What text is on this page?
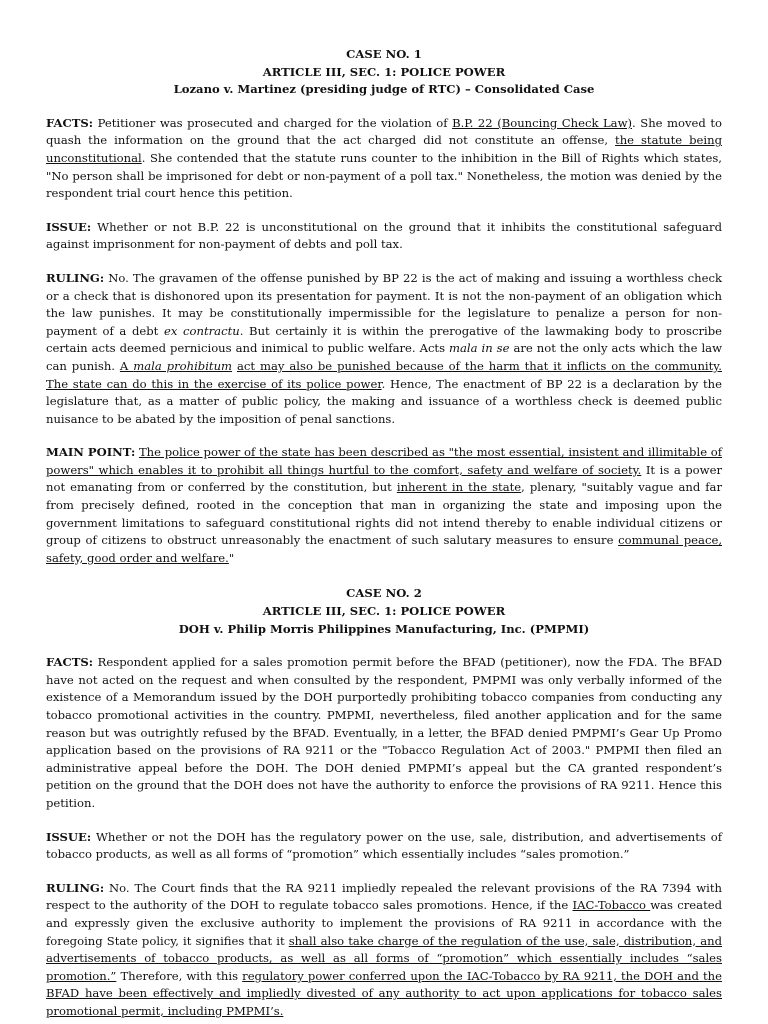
CASE NO. 1
ARTICLE III, SEC. 1: POLICE POWER
Lozano v. Martinez (presiding judge of RTC) – Consolidated Case

FACTS: Petitioner was prosecuted and charged for the violation of B.P. 22 (Bouncing Check Law). She moved to quash the information on the ground that the act charged did not constitute an offense, the statute being unconstitutional. She contended that the statute runs counter to the inhibition in the Bill of Rights which states, "No person shall be imprisoned for debt or non-payment of a poll tax." Nonetheless, the motion was denied by the respondent trial court hence this petition.

ISSUE: Whether or not B.P. 22 is unconstitutional on the ground that it inhibits the constitutional safeguard against imprisonment for non-payment of debts and poll tax.

RULING: No. The gravamen of the offense punished by BP 22 is the act of making and issuing a worthless check or a check that is dishonored upon its presentation for payment. It is not the non-payment of an obligation which the law punishes. It may be constitutionally impermissible for the legislature to penalize a person for non-payment of a debt ex contractu. But certainly it is within the prerogative of the lawmaking body to proscribe certain acts deemed pernicious and inimical to public welfare. Acts mala in se are not the only acts which the law can punish. A mala prohibitum act may also be punished because of the harm that it inflicts on the community. The state can do this in the exercise of its police power. Hence, The enactment of BP 22 is a declaration by the legislature that, as a matter of public policy, the making and issuance of a worthless check is deemed public nuisance to be abated by the imposition of penal sanctions.

MAIN POINT: The police power of the state has been described as "the most essential, insistent and illimitable of powers" which enables it to prohibit all things hurtful to the comfort, safety and welfare of society. It is a power not emanating from or conferred by the constitution, but inherent in the state, plenary, "suitably vague and far from precisely defined, rooted in the conception that man in organizing the state and imposing upon the government limitations to safeguard constitutional rights did not intend thereby to enable individual citizens or group of citizens to obstruct unreasonably the enactment of such salutary measures to ensure communal peace, safety, good order and welfare."

CASE NO. 2
ARTICLE III, SEC. 1: POLICE POWER
DOH v. Philip Morris Philippines Manufacturing, Inc. (PMPMI)

FACTS: Respondent applied for a sales promotion permit before the BFAD (petitioner), now the FDA. The BFAD have not acted on the request and when consulted by the respondent, PMPMI was only verbally informed of the existence of a Memorandum issued by the DOH purportedly prohibiting tobacco companies from conducting any tobacco promotional activities in the country. PMPMI, nevertheless, filed another application and for the same reason but was outrightly refused by the BFAD. Eventually, in a letter, the BFAD denied PMPMI’s Gear Up Promo application based on the provisions of RA 9211 or the "Tobacco Regulation Act of 2003." PMPMI then filed an administrative appeal before the DOH. The DOH denied PMPMI’s appeal but the CA granted respondent’s petition on the ground that the DOH does not have the authority to enforce the provisions of RA 9211. Hence this petition.

ISSUE: Whether or not the DOH has the regulatory power on the use, sale, distribution, and advertisements of tobacco products, as well as all forms of “promotion” which essentially includes “sales promotion.”

RULING: No. The Court finds that the RA 9211 impliedly repealed the relevant provisions of the RA 7394 with respect to the authority of the DOH to regulate tobacco sales promotions. Hence, if the IAC-Tobacco was created and expressly given the exclusive authority to implement the provisions of RA 9211 in accordance with the foregoing State policy, it signifies that it shall also take charge of the regulation of the use, sale, distribution, and advertisements of tobacco products, as well as all forms of “promotion” which essentially includes “sales promotion.” Therefore, with this regulatory power conferred upon the IAC-Tobacco by RA 9211, the DOH and the BFAD have been effectively and impliedly divested of any authority to act upon applications for tobacco sales promotional permit, including PMPMI’s.
